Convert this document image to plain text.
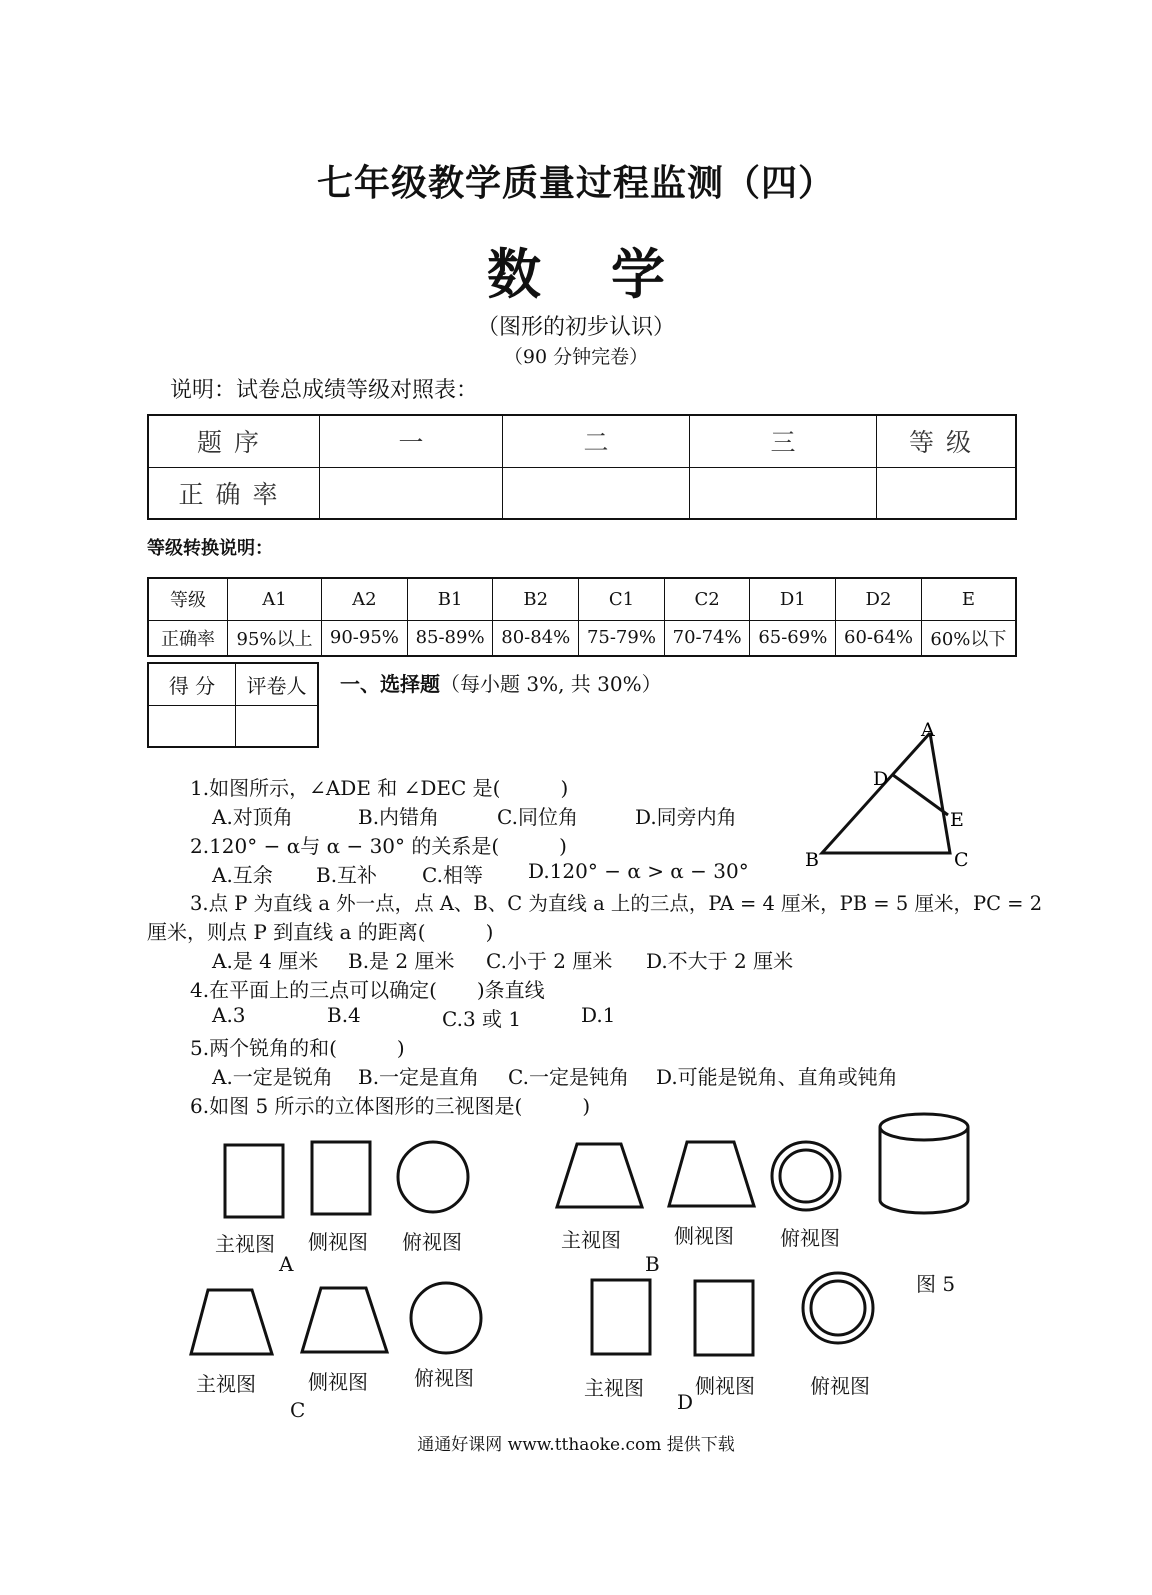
七年级教学质量过程监测（四）
数学
（图形的初步认识）
（90 分钟完卷）
说明：试卷总成绩等级对照表：
题序	一	二	三	等级
正确率				
等级转换说明：
等级	A1	A2	B1	B2	C1	C2	D1	D2	E
正确率	95%以上	90-95%	85-89%	80-84%	75-79%	70-74%	65-69%	60-64%	60%以下
得 分	评卷人
	一、选择题（每小题 3%, 共 30%）
A
D
E
B	C
1.如图所示，∠ADE 和 ∠DEC 是(　　　)
A.对顶角	B.内错角	C.同位角	D.同旁内角
2.120° − α与 α − 30° 的关系是(　　　)
A.互余 B.互补 C.相等 D.120° − α > α − 30°
3.点 P 为直线 a 外一点，点 A、B、C 为直线 a 上的三点，PA = 4 厘米，PB = 5 厘米，PC = 2
厘米，则点 P 到直线 a 的距离(　　　)
A.是 4 厘米 B.是 2 厘米 C.小于 2 厘米 D.不大于 2 厘米
4.在平面上的三点可以确定(　　)条直线
A.3	B.4	C.3 或 1	D.1
5.两个锐角的和(　　　)
A.一定是锐角 B.一定是直角 C.一定是钝角 D.可能是锐角、直角或钝角
6.如图 5 所示的立体图形的三视图是(　　　)
主视图 侧视图 俯视图
A
主视图	侧视图 俯视图
B
图 5
主视图	侧视图 俯视图
C
主视图	侧视图	俯视图
D
通通好课网 www.tthaoke.com 提供下载
